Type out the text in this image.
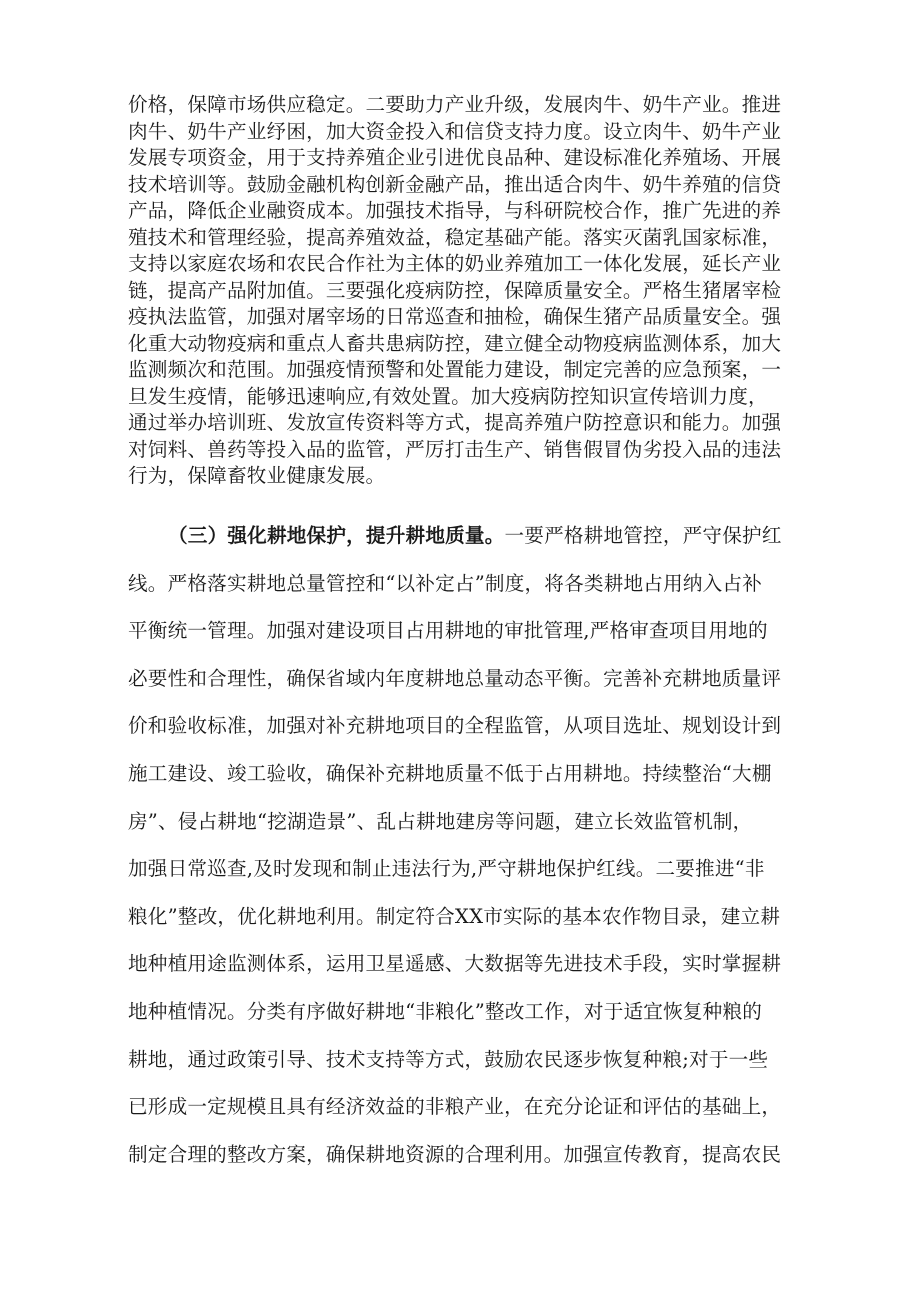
价格，保障市场供应稳定。二要助力产业升级，发展肉牛、奶牛产业。推进
肉牛、奶牛产业纾困，加大资金投入和信贷支持力度。设立肉牛、奶牛产业
发展专项资金，用于支持养殖企业引进优良品种、建设标准化养殖场、开展
技术培训等。鼓励金融机构创新金融产品，推出适合肉牛、奶牛养殖的信贷
产品，降低企业融资成本。加强技术指导，与科研院校合作，推广先进的养
殖技术和管理经验，提高养殖效益，稳定基础产能。落实灭菌乳国家标准，
支持以家庭农场和农民合作社为主体的奶业养殖加工一体化发展，延长产业
链，提高产品附加值。三要强化疫病防控，保障质量安全。严格生猪屠宰检
疫执法监管，加强对屠宰场的日常巡查和抽检，确保生猪产品质量安全。强
化重大动物疫病和重点人畜共患病防控，建立健全动物疫病监测体系，加大
监测频次和范围。加强疫情预警和处置能力建设，制定完善的应急预案，一
旦发生疫情，能够迅速响应,有效处置。加大疫病防控知识宣传培训力度，
通过举办培训班、发放宣传资料等方式，提高养殖户防控意识和能力。加强
对饲料、兽药等投入品的监管，严厉打击生产、销售假冒伪劣投入品的违法
行为，保障畜牧业健康发展。
（三）强化耕地保护，提升耕地质量。一要严格耕地管控，严守保护红
线。严格落实耕地总量管控和“以补定占”制度，将各类耕地占用纳入占补
平衡统一管理。加强对建设项目占用耕地的审批管理,严格审查项目用地的
必要性和合理性，确保省域内年度耕地总量动态平衡。完善补充耕地质量评
价和验收标准，加强对补充耕地项目的全程监管，从项目选址、规划设计到
施工建设、竣工验收，确保补充耕地质量不低于占用耕地。持续整治“大棚
房”、侵占耕地“挖湖造景”、乱占耕地建房等问题，建立长效监管机制，
加强日常巡查,及时发现和制止违法行为,严守耕地保护红线。二要推进“非
粮化”整改，优化耕地利用。制定符合XX市实际的基本农作物目录，建立耕
地种植用途监测体系，运用卫星遥感、大数据等先进技术手段，实时掌握耕
地种植情况。分类有序做好耕地“非粮化”整改工作，对于适宜恢复种粮的
耕地，通过政策引导、技术支持等方式，鼓励农民逐步恢复种粮;对于一些
已形成一定规模且具有经济效益的非粮产业，在充分论证和评估的基础上，
制定合理的整改方案，确保耕地资源的合理利用。加强宣传教育，提高农民
